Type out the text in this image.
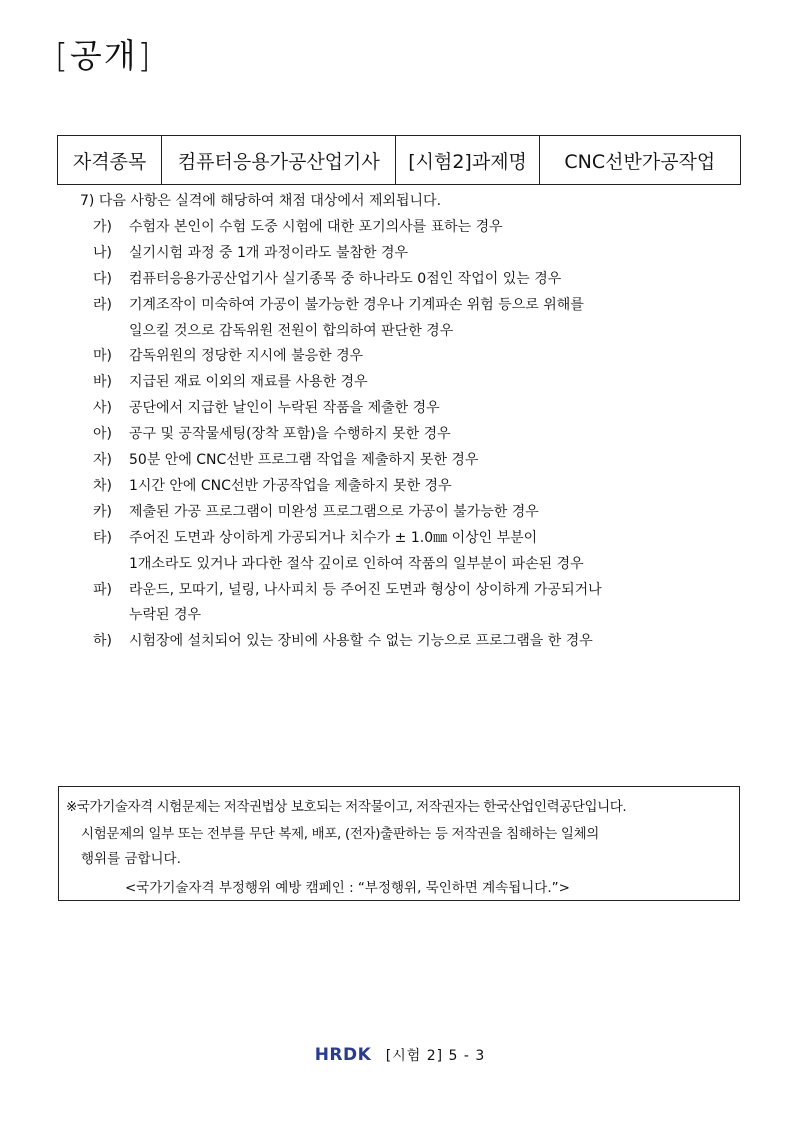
[공개]
자격종목	컴퓨터응용가공산업기사	[시험2]과제명	CNC선반가공작업
7) 다음 사항은 실격에 해당하여 채점 대상에서 제외됩니다.
가) 수험자 본인이 수험 도중 시험에 대한 포기의사를 표하는 경우
나) 실기시험 과정 중 1개 과정이라도 불참한 경우
다) 컴퓨터응용가공산업기사 실기종목 중 하나라도 0점인 작업이 있는 경우
라) 기계조작이 미숙하여 가공이 불가능한 경우나 기계파손 위험 등으로 위해를
일으킬 것으로 감독위원 전원이 합의하여 판단한 경우
마) 감독위원의 정당한 지시에 불응한 경우
바) 지급된 재료 이외의 재료를 사용한 경우
사) 공단에서 지급한 날인이 누락된 작품을 제출한 경우
아) 공구 및 공작물세팅(장착 포함)을 수행하지 못한 경우
자) 50분 안에 CNC선반 프로그램 작업을 제출하지 못한 경우
차) 1시간 안에 CNC선반 가공작업을 제출하지 못한 경우
카) 제출된 가공 프로그램이 미완성 프로그램으로 가공이 불가능한 경우
타) 주어진 도면과 상이하게 가공되거나 치수가 ± 1.0㎜ 이상인 부분이
1개소라도 있거나 과다한 절삭 깊이로 인하여 작품의 일부분이 파손된 경우
파) 라운드, 모따기, 널링, 나사피치 등 주어진 도면과 형상이 상이하게 가공되거나
누락된 경우
하) 시험장에 설치되어 있는 장비에 사용할 수 없는 기능으로 프로그램을 한 경우
※국가기술자격 시험문제는 저작권법상 보호되는 저작물이고, 저작권자는 한국산업인력공단입니다.
시험문제의 일부 또는 전부를 무단 복제, 배포, (전자)출판하는 등 저작권을 침해하는 일체의
행위를 금합니다.
<국가기술자격 부정행위 예방 캠페인 : “부정행위, 묵인하면 계속됩니다.”>
HRDK [시험 2] 5 - 3
